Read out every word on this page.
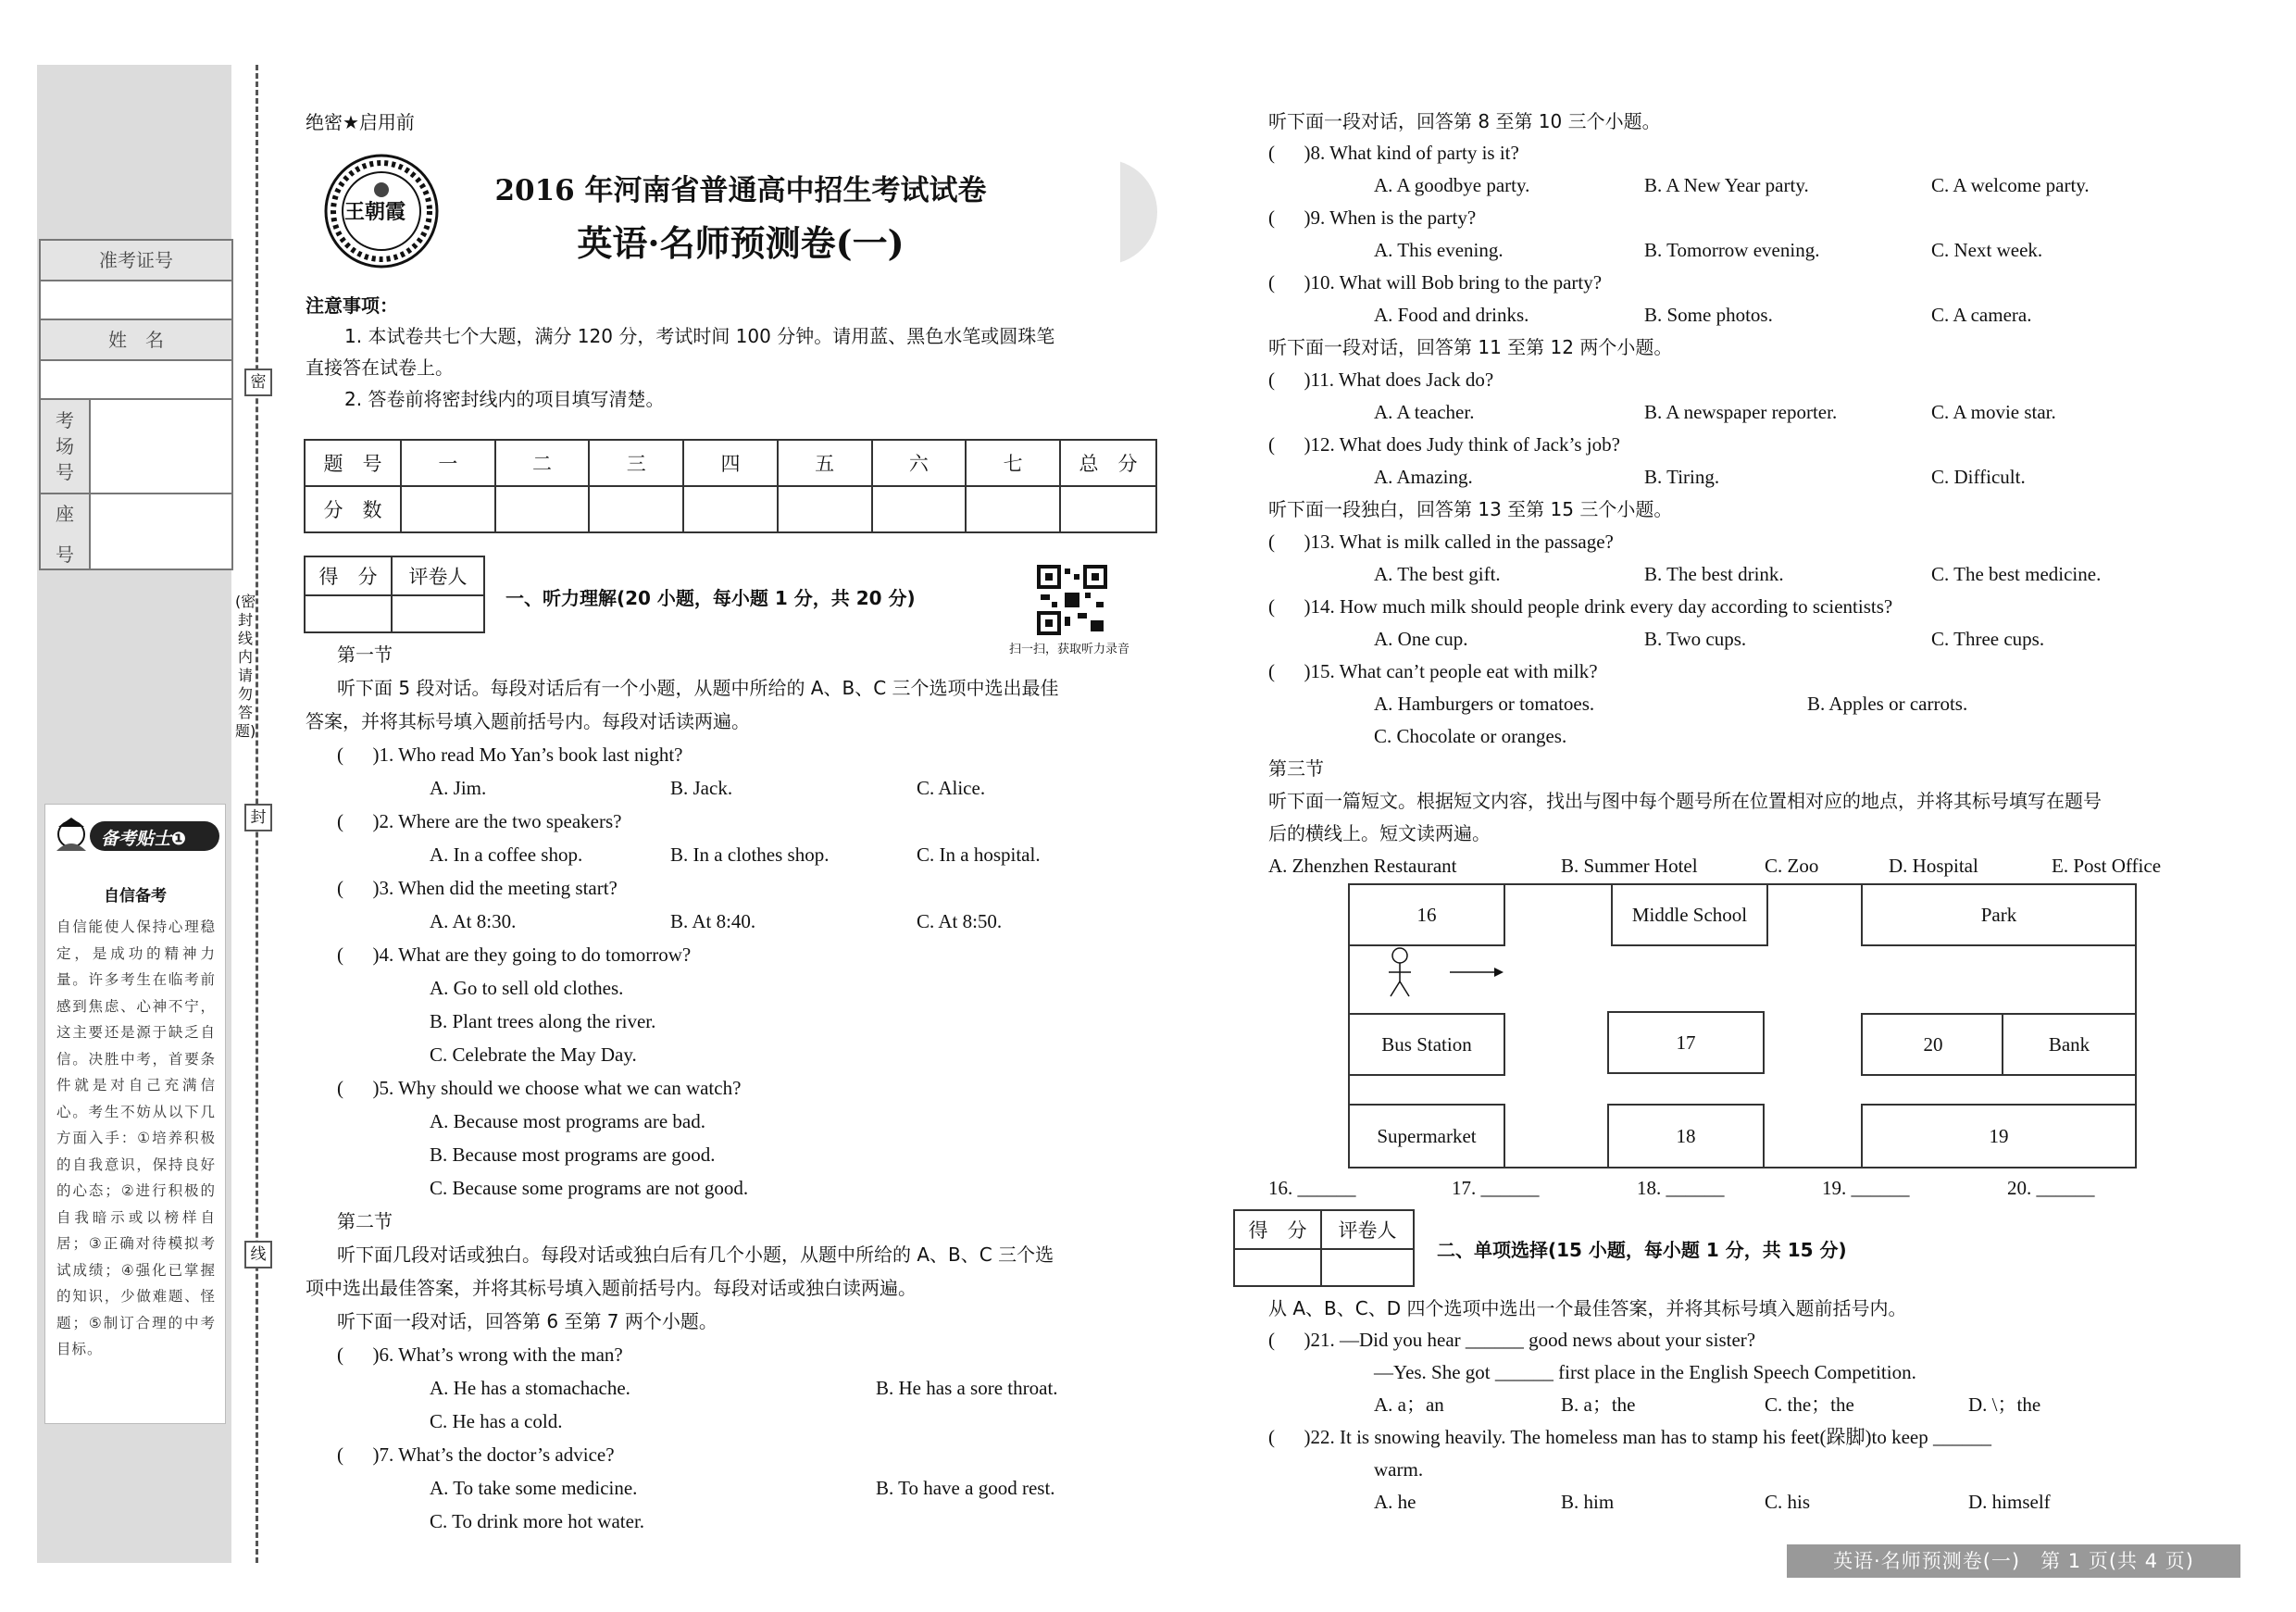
密
封
线
(密封线内请勿答题)
准考证号
姓　名
考
场
号
座

号
备考贴士❶
自信备考
自信能使人保持心理稳定，是成功的精神力量。许多考生在临考前感到焦虑、心神不宁，这主要还是源于缺乏自信。决胜中考，首要条件就是对自己充满信心。考生不妨从以下几方面入手：①培养积极的自我意识，保持良好的心态；②进行积极的自我暗示或以榜样自居；③正确对待模拟考试成绩；④强化已掌握的知识，少做难题、怪题；⑤制订合理的中考目标。
绝密★启用前
王朝霞
2016 年河南省普通高中招生考试试卷
英语·名师预测卷(一)
注意事项：
1. 本试卷共七个大题，满分 120 分，考试时间 100 分钟。请用蓝、黑色水笔或圆珠笔
直接答在试卷上。
2. 答卷前将密封线内的项目填写清楚。
题　号	一	二	三	四	五	六	七	总　分
分　数								
得　分	评卷人

一、听力理解(20 小题，每小题 1 分，共 20 分)
扫一扫，获取听力录音
第一节
听下面 5 段对话。每段对话后有一个小题，从题中所给的 A、B、C 三个选项中选出最佳
答案，并将其标号填入题前括号内。每段对话读两遍。
(      )1. Who read Mo Yan’s book last night?
A. Jim.	B. Jack.	C. Alice.
(      )2. Where are the two speakers?
A. In a coffee shop.	B. In a clothes shop.	C. In a hospital.
(      )3. When did the meeting start?
A. At 8:30.	B. At 8:40.	C. At 8:50.
(      )4. What are they going to do tomorrow?
A. Go to sell old clothes.
B. Plant trees along the river.
C. Celebrate the May Day.
(      )5. Why should we choose what we can watch?
A. Because most programs are bad.
B. Because most programs are good.
C. Because some programs are not good.
第二节
听下面几段对话或独白。每段对话或独白后有几个小题，从题中所给的 A、B、C 三个选
项中选出最佳答案，并将其标号填入题前括号内。每段对话或独白读两遍。
听下面一段对话，回答第 6 至第 7 两个小题。
(      )6. What’s wrong with the man?
A. He has a stomachache.	B. He has a sore throat.
C. He has a cold.
(      )7. What’s the doctor’s advice?
A. To take some medicine.	B. To have a good rest.
C. To drink more hot water.
听下面一段对话，回答第 8 至第 10 三个小题。
(      )8. What kind of party is it?
A. A goodbye party.	B. A New Year party.	C. A welcome party.
(      )9. When is the party?
A. This evening.	B. Tomorrow evening.	C. Next week.
(      )10. What will Bob bring to the party?
A. Food and drinks.	B. Some photos.	C. A camera.
听下面一段对话，回答第 11 至第 12 两个小题。
(      )11. What does Jack do?
A. A teacher.	B. A newspaper reporter.	C. A movie star.
(      )12. What does Judy think of Jack’s job?
A. Amazing.	B. Tiring.	C. Difficult.
听下面一段独白，回答第 13 至第 15 三个小题。
(      )13. What is milk called in the passage?
A. The best gift.	B. The best drink.	C. The best medicine.
(      )14. How much milk should people drink every day according to scientists?
A. One cup.	B. Two cups.	C. Three cups.
(      )15. What can’t people eat with milk?
A. Hamburgers or tomatoes.	B. Apples or carrots.
C. Chocolate or oranges.
第三节
听下面一篇短文。根据短文内容，找出与图中每个题号所在位置相对应的地点，并将其标号填写在题号
后的横线上。短文读两遍。
A. Zhenzhen Restaurant	B. Summer Hotel	C. Zoo	D. Hospital	E. Post Office
16	Middle School	Park
Bus Station	17	20	Bank
Supermarket	18	19
16. ______	17. ______	18. ______	19. ______	20. ______
得　分	评卷人

二、单项选择(15 小题，每小题 1 分，共 15 分)
从 A、B、C、D 四个选项中选出一个最佳答案，并将其标号填入题前括号内。
(      )21. —Did you hear ______ good news about your sister?
—Yes. She got ______ first place in the English Speech Competition.
A. a；an	B. a；the	C. the；the	D. \；the
(      )22. It is snowing heavily. The homeless man has to stamp his feet(跺脚)to keep ______
warm.
A. he	B. him	C. his	D. himself
英语·名师预测卷(一)　第 1 页(共 4 页)
